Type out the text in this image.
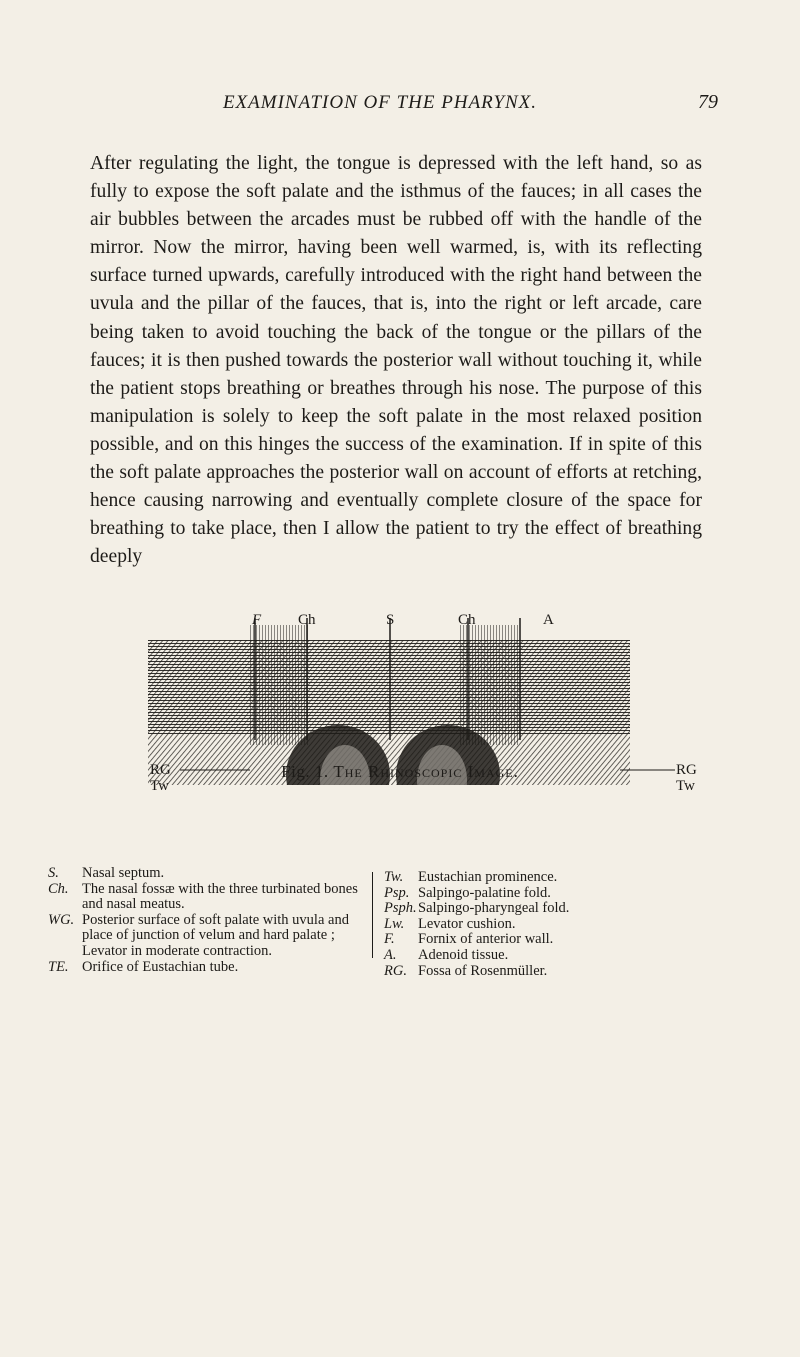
EXAMINATION OF THE PHARYNX.	79

After regulating the light, the tongue is depressed with the left hand, so as fully to expose the soft palate and the isthmus of the fauces; in all cases the air bubbles between the arcades must be rubbed off with the handle of the mirror. Now the mirror, having been well warmed, is, with its reflecting surface turned upwards, carefully introduced with the right hand between the uvula and the pillar of the fauces, that is, into the right or left arcade, care being taken to avoid touching the back of the tongue or the pillars of the fauces; it is then pushed towards the posterior wall without touching it, while the patient stops breathing or breathes through his nose. The purpose of this manipulation is solely to keep the soft palate in the most relaxed position possible, and on this hinges the success of the examination. If in spite of this the soft palate approaches the posterior wall on account of efforts at retching, hence causing narrowing and eventually complete closure of the space for breathing to take place, then I allow the patient to try the effect of breathing deeply

Fig. 1. The Rhinoscopic Image.
F Ch	S	Ch	A
RG
Tw
RG
Tw
S.	Nasal septum.
Ch. The nasal fossæ with the three turbinated bones and nasal meatus.
WG. Posterior surface of soft palate with uvula and place of junction of velum and hard palate ; Levator in moderate contraction.
TE. Orifice of Eustachian tube.
Tw.	Eustachian prominence.
Psp. Salpingo-palatine fold.
Psph. Salpingo-pharyngeal fold.
Lw. Levator cushion.
F.	Fornix of anterior wall.
A.	Adenoid tissue.
RG. Fossa of Rosenmüller.
